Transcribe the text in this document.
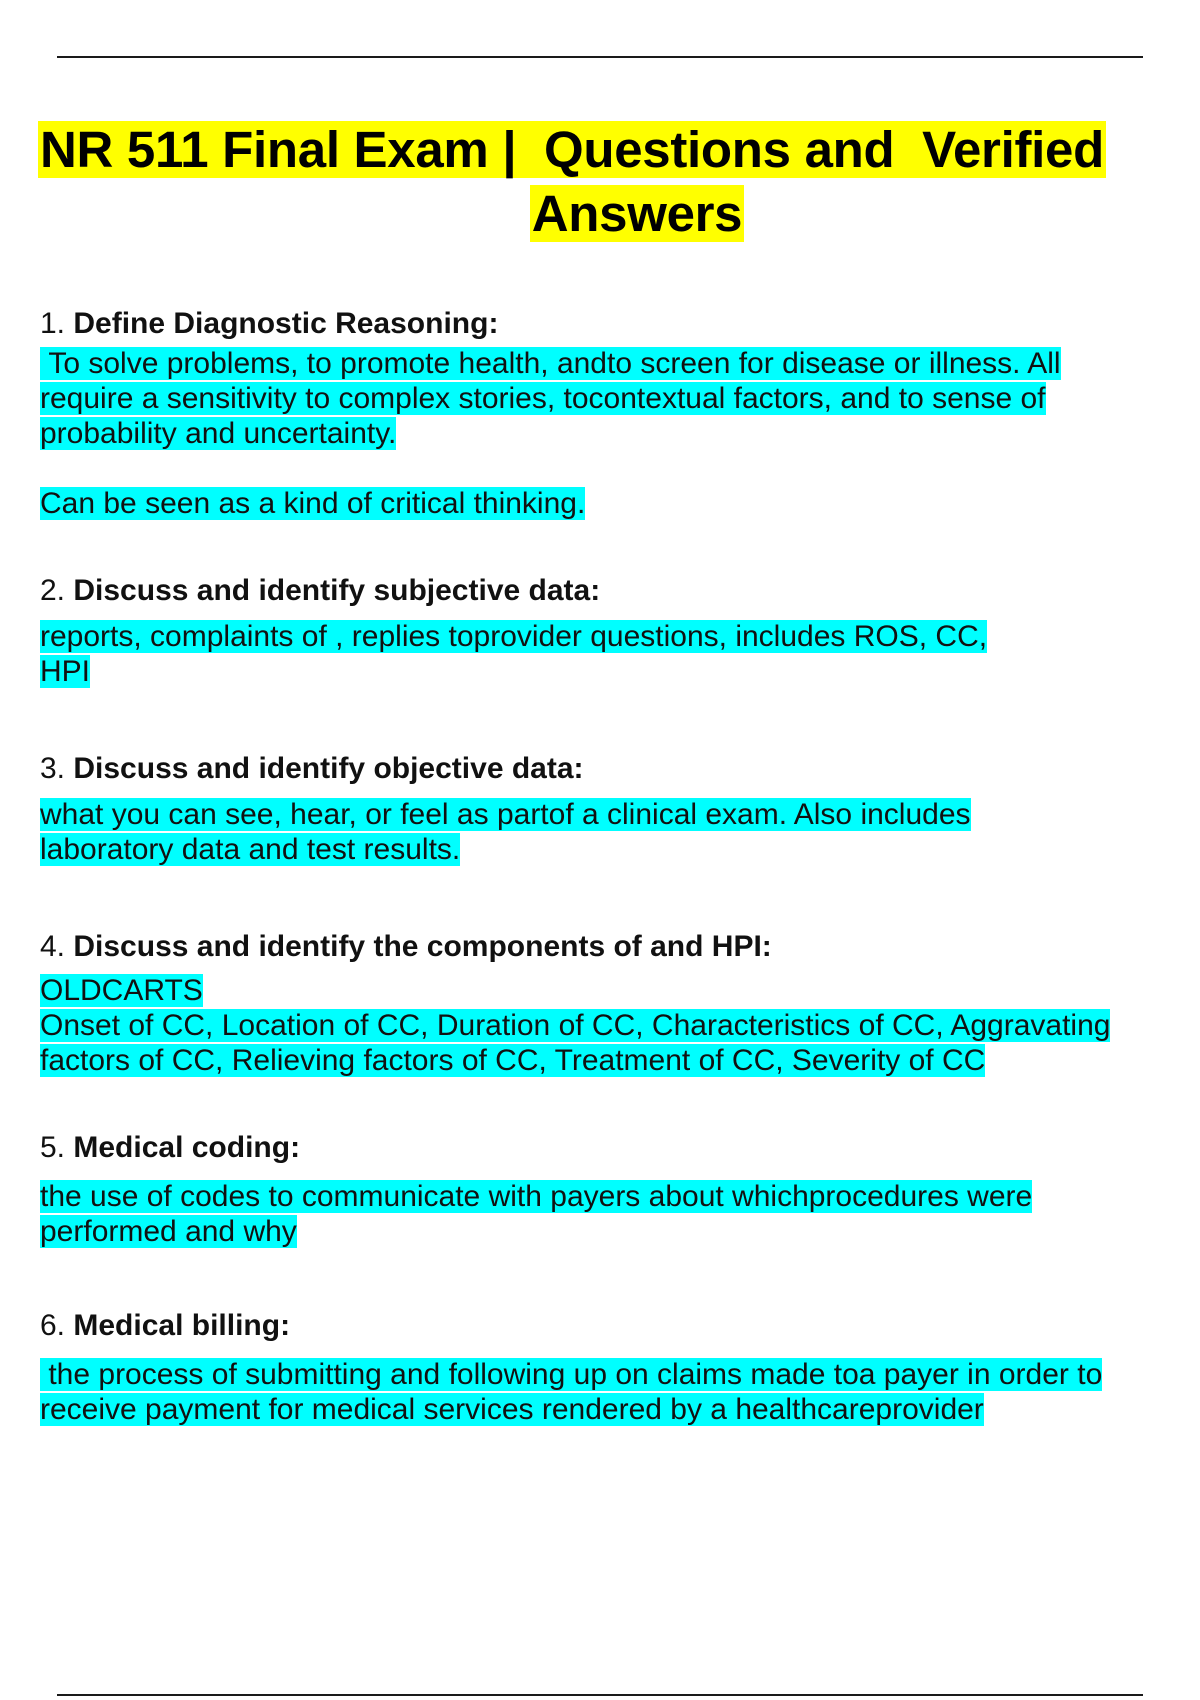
NR 511 Final Exam |  Questions and  Verified
Answers

1. Define Diagnostic Reasoning:

To solve problems, to promote health, andto screen for disease or illness. All
require a sensitivity to complex stories, tocontextual factors, and to sense of
probability and uncertainty.

Can be seen as a kind of critical thinking.

2. Discuss and identify subjective data:

reports, complaints of , replies toprovider questions, includes ROS, CC,
HPI

3. Discuss and identify objective data:

what you can see, hear, or feel as partof a clinical exam. Also includes
laboratory data and test results.

4. Discuss and identify the components of and HPI:

OLDCARTS
Onset of CC, Location of CC, Duration of CC, Characteristics of CC, Aggravating
factors of CC, Relieving factors of CC, Treatment of CC, Severity of CC

5. Medical coding:

the use of codes to communicate with payers about whichprocedures were
performed and why

6. Medical billing:

the process of submitting and following up on claims made toa payer in order to
receive payment for medical services rendered by a healthcareprovider
